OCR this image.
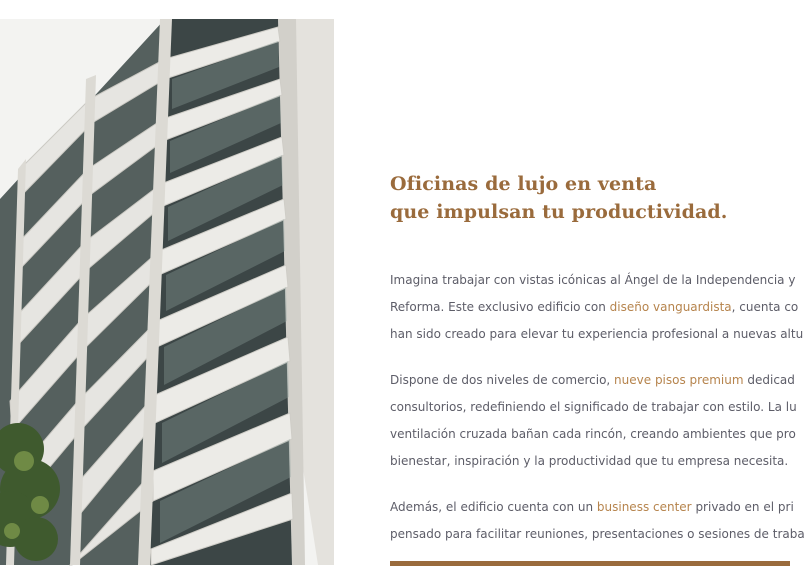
Oficinas de lujo en venta
que impulsan tu productividad.

Imagina trabajar con vistas icónicas al Ángel de la Independencia y
Reforma. Este exclusivo edificio con diseño vanguardista, cuenta co
han sido creado para elevar tu experiencia profesional a nuevas altu

Dispone de dos niveles de comercio, nueve pisos premium dedicad
consultorios, redefiniendo el significado de trabajar con estilo. La lu
ventilación cruzada bañan cada rincón, creando ambientes que pro
bienestar, inspiración y la productividad que tu empresa necesita.

Además, el edificio cuenta con un business center privado en el pri
pensado para facilitar reuniones, presentaciones o sesiones de traba
